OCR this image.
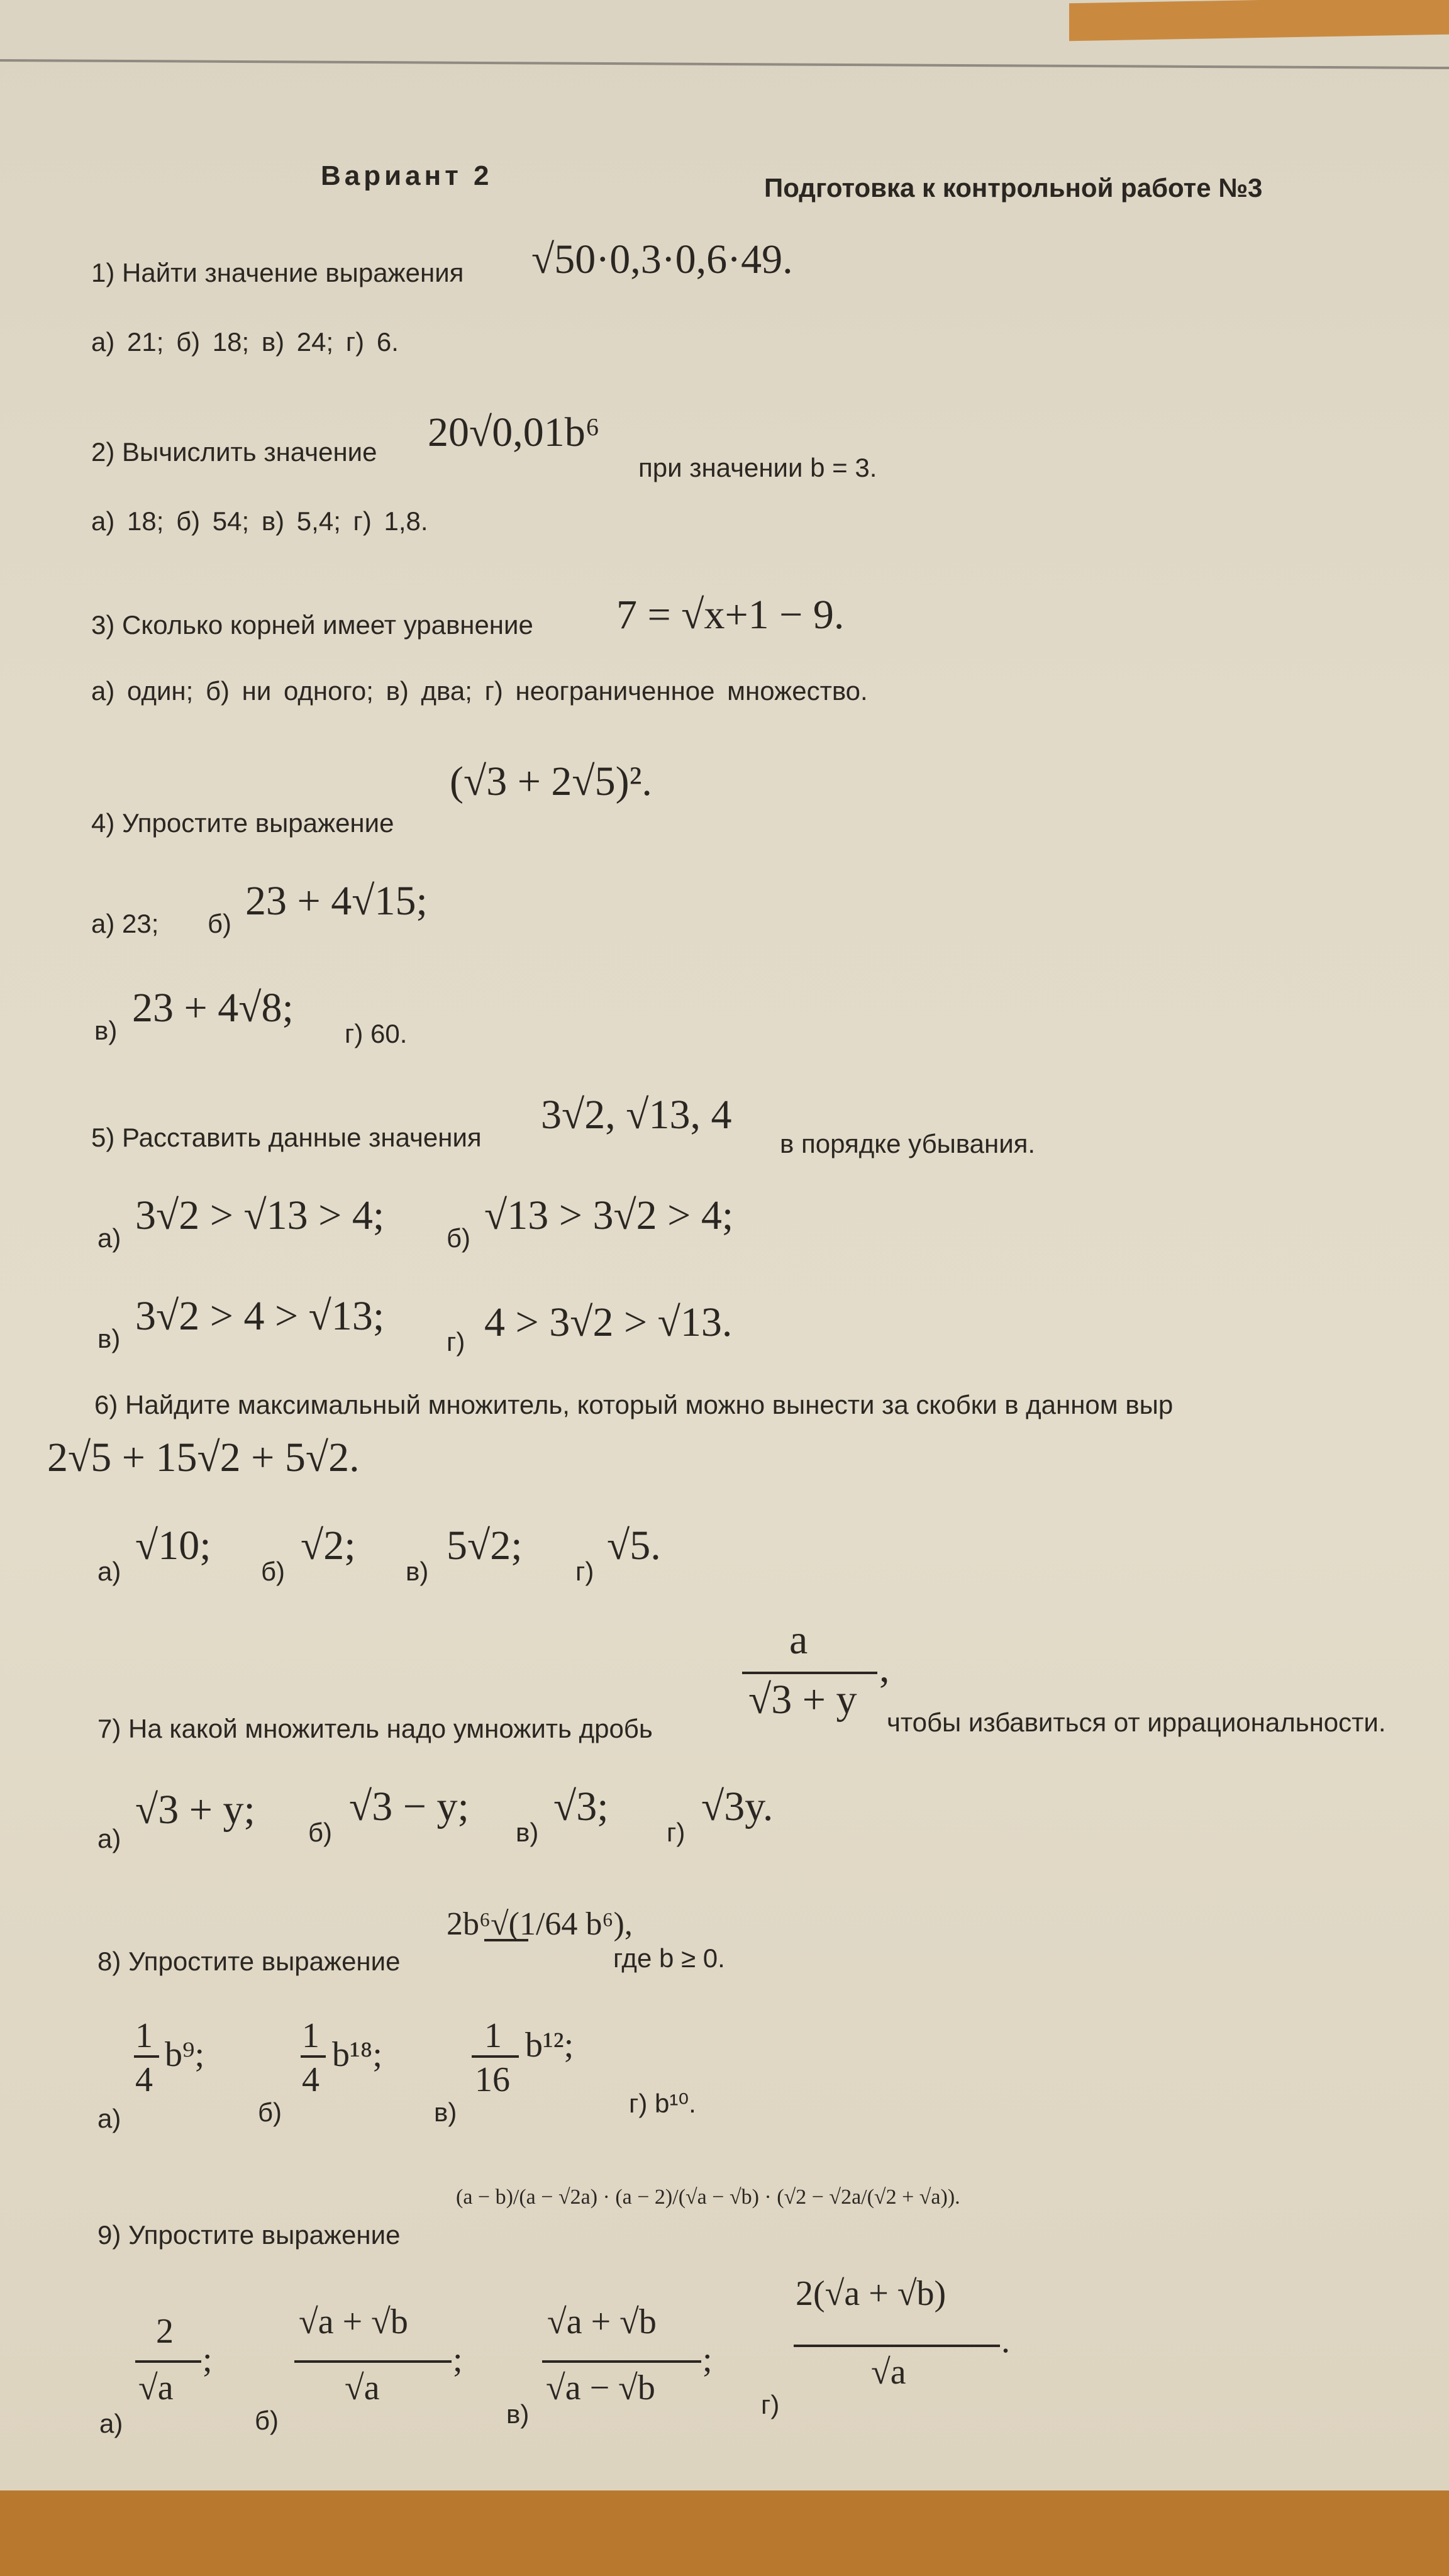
Вариант 2	Подготовка к контрольной работе №3
1) Найти значение выражения √50·0,3·0,6·49.
а) 21; б) 18; в) 24; г) 6.
2) Вычислить значение 20√0,01b⁶
при значении b = 3.
а) 18; б) 54; в) 5,4; г) 1,8.
3) Сколько корней имеет уравнение 7 = √x+1 − 9.
а) один; б) ни одного; в) два; г) неограниченное множество.
4) Упростите выражение
(√3 + 2√5)².
а) 23; б) 23 + 4√15;
в) 23 + 4√8;
г) 60.
5) Расставить данные значения 3√2, √13, 4
в порядке убывания.
а) 3√2 > √13 > 4; б) √13 > 3√2 > 4;
в) 3√2 > 4 > √13;
г) 4 > 3√2 > √13.
6) Найдите максимальный множитель, который можно вынести за скобки в данном выр
2√5 + 15√2 + 5√2.
а)
√10;
б)
√2;
в)
5√2;
г)
√5.
a
√3 + y
,
7) На какой множитель надо умножить дробь	чтобы избавиться от иррациональности.
а)
√3 + y; б)
√3 − y;
в)
√3;
г)
√3y.
8) Упростите выражение
2b⁶√(1/64 b⁶),
где b ≥ 0.
а)
1
4
b⁹;
б)
1
4
b¹⁸;
в)
1
16
b¹²;
г) b¹⁰.
9) Упростите выражение
(a − b)/(a − √2a) · (a − 2)/(√a − √b) · (√2 − √2a/(√2 + √a)).
а)
2
√a
;
б)
√a + √b
√a
;
в)
√a + √b
√a − √b
;
г)
2(√a + √b)
√a
.
